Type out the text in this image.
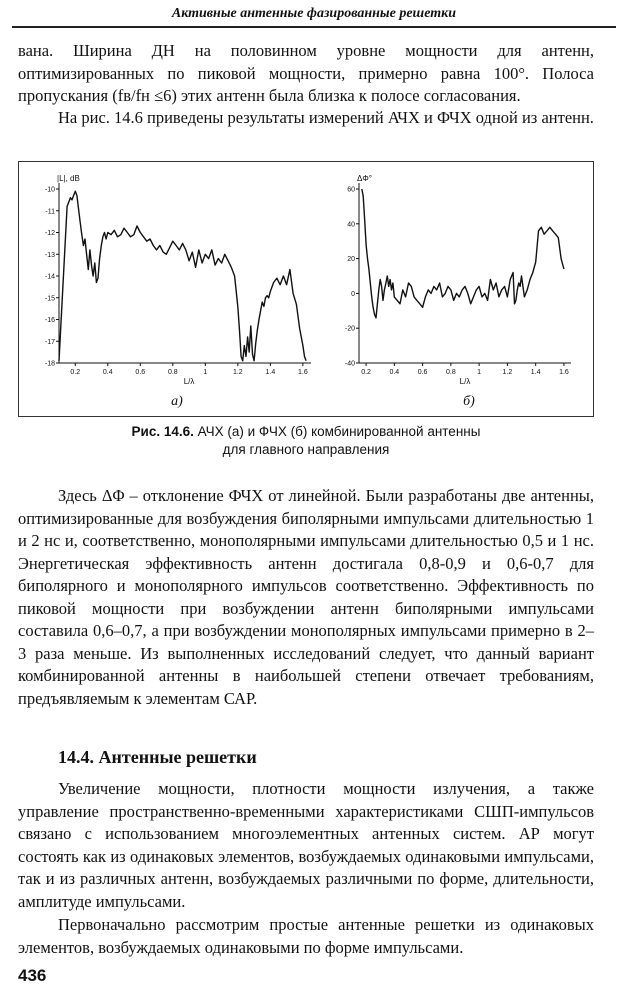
Активные антенные фазированные решетки

вана. Ширина ДН на половинном уровне мощности для антенн, оптимизированных по пиковой мощности, примерно равна 100°. Полоса пропускания (fв/fн ≤6) этих антенн была близка к полосе согласования.

На рис. 14.6 приведены результаты измерений АЧХ и ФЧХ одной из антенн.

-10
-11
-12
-13
-14
-15
-16
-17
-18
0.2	0.4	0.6	0.8	1	1.2	1.4	1.6
|L|, dB
L/λ
а)
60
40
20
0
-20
-40
0.2	0.4	0.6	0.8	1	1.2	1.4	1.6
ΔΦ°
L/λ
б)
Рис. 14.6. АЧХ (а) и ФЧХ (б) комбинированной антенны
для главного направления

Здесь ΔΦ – отклонение ФЧХ от линейной. Были разработаны две антенны, оптимизированные для возбуждения биполярными импульсами длительностью 1 и 2 нс и, соответственно, монополярными импульсами длительностью 0,5 и 1 нс. Энергетическая эффективность антенн достигала 0,8-0,9 и 0,6-0,7 для биполярного и монополярного импульсов соответственно. Эффективность по пиковой мощности при возбуждении антенн биполярными импульсами составила 0,6–0,7, а при возбуждении монополярных импульсами примерно в 2–3 раза меньше. Из выполненных исследований следует, что данный вариант комбинированной антенны в наибольшей степени отвечает требованиям, предъявляемым к элементам САР.

14.4. Антенные решетки

Увеличение мощности, плотности мощности излучения, а также управление пространственно-временными характеристиками СШП-импульсов связано с использованием многоэлементных антенных систем. АР могут состоять как из одинаковых элементов, возбуждаемых одинаковыми импульсами, так и из различных антенн, возбуждаемых различными по форме, длительности, амплитуде импульсами.

Первоначально рассмотрим простые антенные решетки из одинаковых элементов, возбуждаемых одинаковыми по форме импульсами.

436
